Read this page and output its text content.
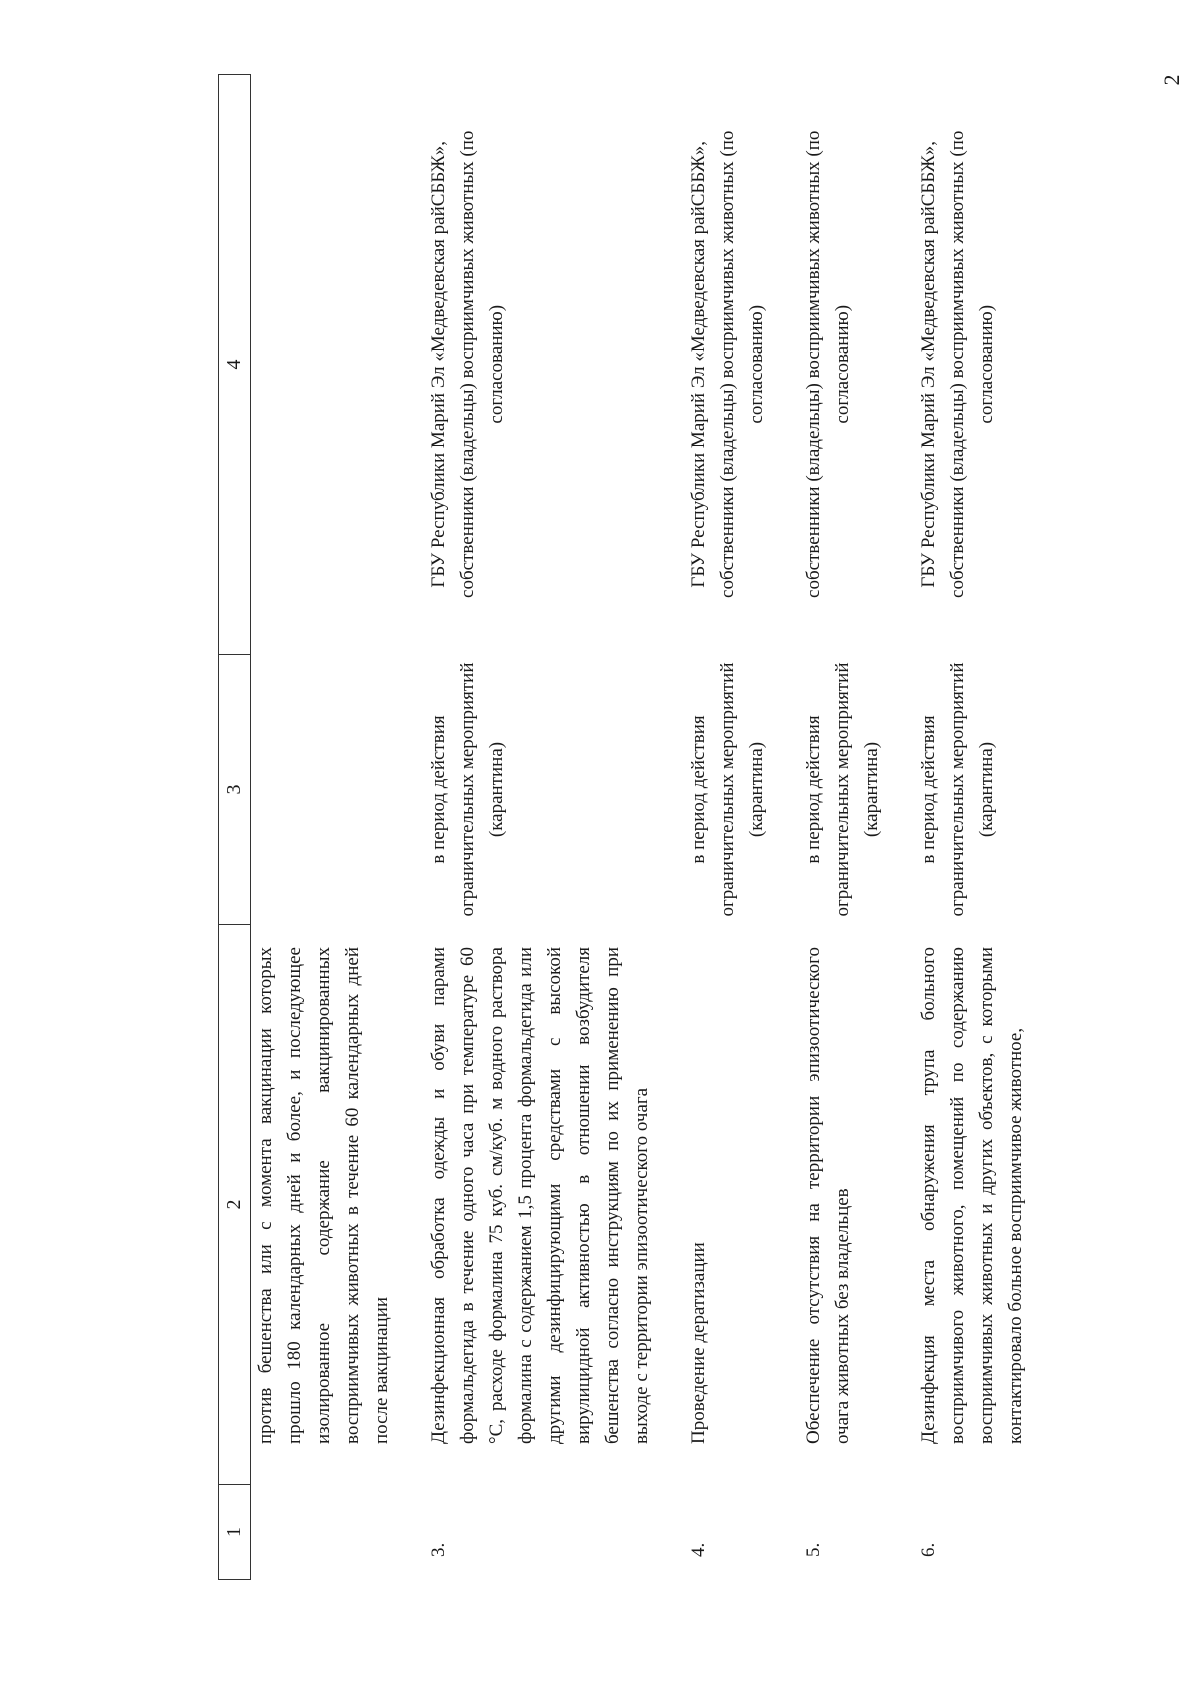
2
1	2	3	4
	против бешенства или с момента вакцинации которых прошло 180 календарных дней и более, и последующее изолированное содержание вакцинированных восприимчивых животных в течение 60 календарных дней после вакцинации		
3.	Дезинфекционная обработка одежды и обуви парами формальдегида в течение одного часа при температуре 60 °С, расходе формалина 75 куб. см/куб. м водного раствора формалина с содержанием 1,5 процента формальдегида или другими дезинфицирующими средствами с высокой вирулицидной активностью в отношении возбудителя бешенства согласно инструкциям по их применению при выходе с территории эпизоотического очага	в период действия ограничительных мероприятий (карантина)	ГБУ Республики Марий Эл «Медведевская райСББЖ», собственники (владельцы) восприимчивых животных (по согласованию)
4.	Проведение дератизации	в период действия ограничительных мероприятий (карантина)	ГБУ Республики Марий Эл «Медведевская райСББЖ», собственники (владельцы) восприимчивых животных (по согласованию)
5.	Обеспечение отсутствия на территории эпизоотического очага животных без владельцев	в период действия ограничительных мероприятий (карантина)	собственники (владельцы) восприимчивых животных (по согласованию)
6.	Дезинфекция места обнаружения трупа больного восприимчивого животного, помещений по содержанию восприимчивых животных и других объектов, с которыми контактировало больное восприимчивое животное,	в период действия ограничительных мероприятий (карантина)	ГБУ Республики Марий Эл «Медведевская райСББЖ», собственники (владельцы) восприимчивых животных (по согласованию)
